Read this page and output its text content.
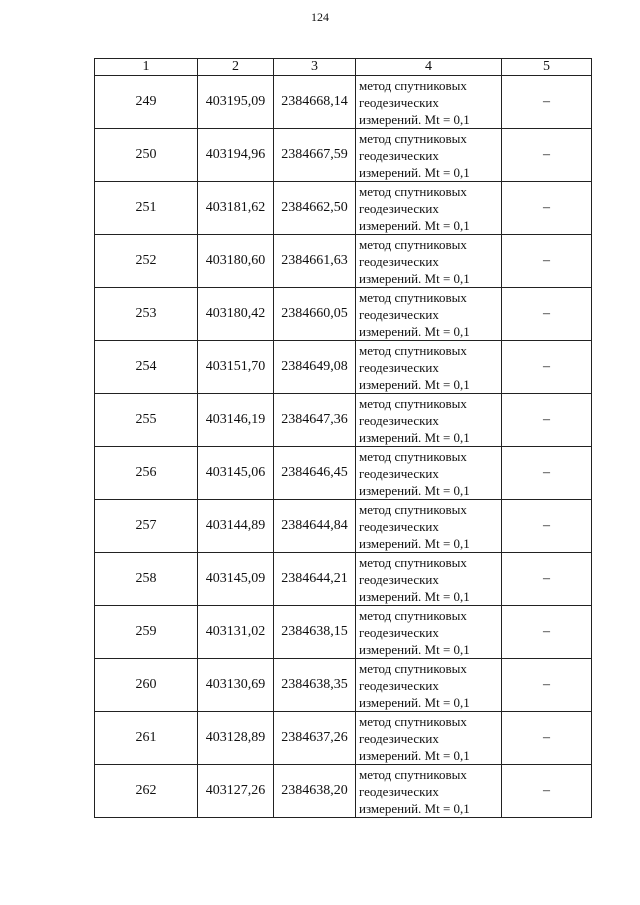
124
1	2	3	4	5
249	403195,09	2384668,14	метод спутниковых
геодезических
измерений. Mt = 0,1	–
250	403194,96	2384667,59	метод спутниковых
геодезических
измерений. Mt = 0,1	–
251	403181,62	2384662,50	метод спутниковых
геодезических
измерений. Mt = 0,1	–
252	403180,60	2384661,63	метод спутниковых
геодезических
измерений. Mt = 0,1	–
253	403180,42	2384660,05	метод спутниковых
геодезических
измерений. Mt = 0,1	–
254	403151,70	2384649,08	метод спутниковых
геодезических
измерений. Mt = 0,1	–
255	403146,19	2384647,36	метод спутниковых
геодезических
измерений. Mt = 0,1	–
256	403145,06	2384646,45	метод спутниковых
геодезических
измерений. Mt = 0,1	–
257	403144,89	2384644,84	метод спутниковых
геодезических
измерений. Mt = 0,1	–
258	403145,09	2384644,21	метод спутниковых
геодезических
измерений. Mt = 0,1	–
259	403131,02	2384638,15	метод спутниковых
геодезических
измерений. Mt = 0,1	–
260	403130,69	2384638,35	метод спутниковых
геодезических
измерений. Mt = 0,1	–
261	403128,89	2384637,26	метод спутниковых
геодезических
измерений. Mt = 0,1	–
262	403127,26	2384638,20	метод спутниковых
геодезических
измерений. Mt = 0,1	–
